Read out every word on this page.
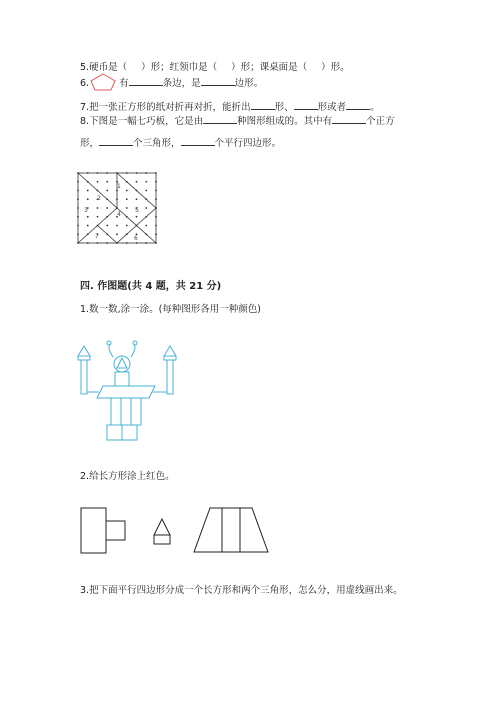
5.硬币是（ ）形；红领巾是（ ）形；课桌面是（ ）形。
6.	有	条边，是	边形。
7.把一张正方形的纸对折再对折，能折出	形、	形或者	。
8.下图是一幅七巧板，它是由	种图形组成的。其中有	个正方
形，	个三角形，	个平行四边形。
1
2
3
4
5
6
7
四. 作图题(共 4 题，共 21 分)
1.数一数,涂一涂。(每种图形各用一种颜色)
2.给长方形涂上红色。
3.把下面平行四边形分成一个长方形和两个三角形，怎么分，用虚线画出来。
